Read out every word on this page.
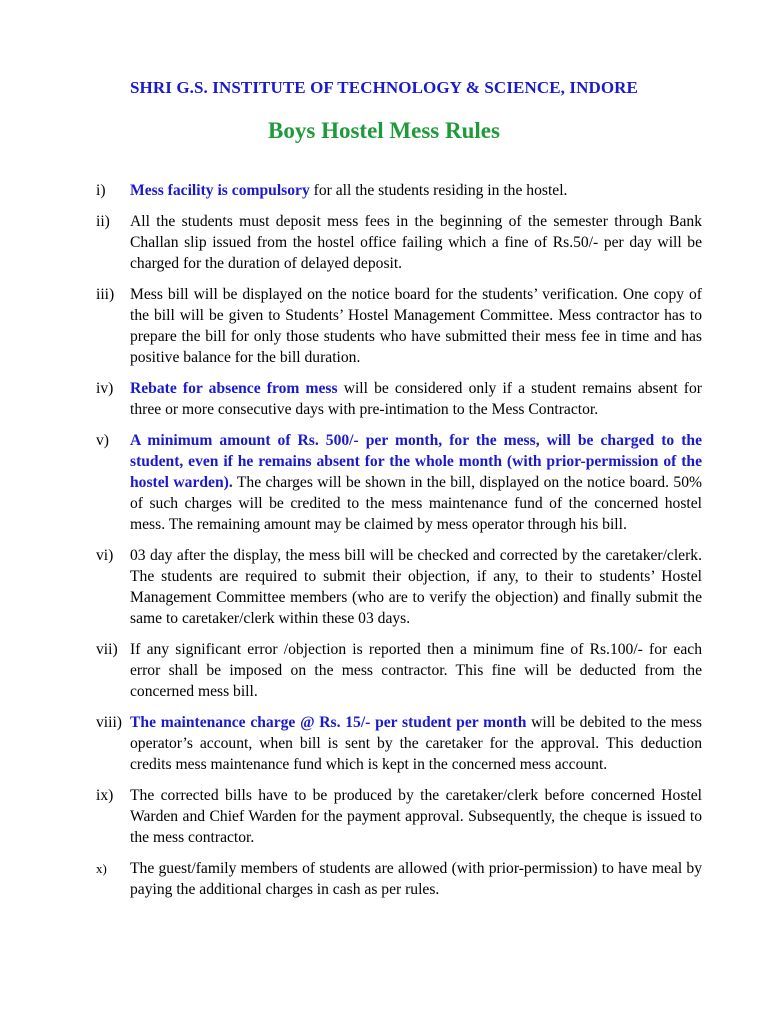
SHRI G.S. INSTITUTE OF TECHNOLOGY & SCIENCE, INDORE
Boys Hostel Mess Rules
i)	Mess facility is compulsory for all the students residing in the hostel.
ii)	All the students must deposit mess fees in the beginning of the semester through Bank Challan slip issued from the hostel office failing which a fine of Rs.50/- per day will be charged for the duration of delayed deposit.
iii)	Mess bill will be displayed on the notice board for the students’ verification. One copy of the bill will be given to Students’ Hostel Management Committee. Mess contractor has to prepare the bill for only those students who have submitted their mess fee in time and has positive balance for the bill duration.
iv)	Rebate for absence from mess will be considered only if a student remains absent for three or more consecutive days with pre-intimation to the Mess Contractor.
v)	A minimum amount of Rs. 500/- per month, for the mess, will be charged to the student, even if he remains absent for the whole month (with prior-permission of the hostel warden). The charges will be shown in the bill, displayed on the notice board. 50% of such charges will be credited to the mess maintenance fund of the concerned hostel mess. The remaining amount may be claimed by mess operator through his bill.
vi)	03 day after the display, the mess bill will be checked and corrected by the caretaker/clerk. The students are required to submit their objection, if any, to their to students’ Hostel Management Committee members (who are to verify the objection) and finally submit the same to caretaker/clerk within these 03 days.
vii) If any significant error /objection is reported then a minimum fine of Rs.100/- for each error shall be imposed on the mess contractor. This fine will be deducted from the concerned mess bill.
viii) The maintenance charge @ Rs. 15/- per student per month will be debited to the mess operator’s account, when bill is sent by the caretaker for the approval. This deduction credits mess maintenance fund which is kept in the concerned mess account.
ix)	The corrected bills have to be produced by the caretaker/clerk before concerned Hostel Warden and Chief Warden for the payment approval. Subsequently, the cheque is issued to the mess contractor.
x)	The guest/family members of students are allowed (with prior-permission) to have meal by paying the additional charges in cash as per rules.
